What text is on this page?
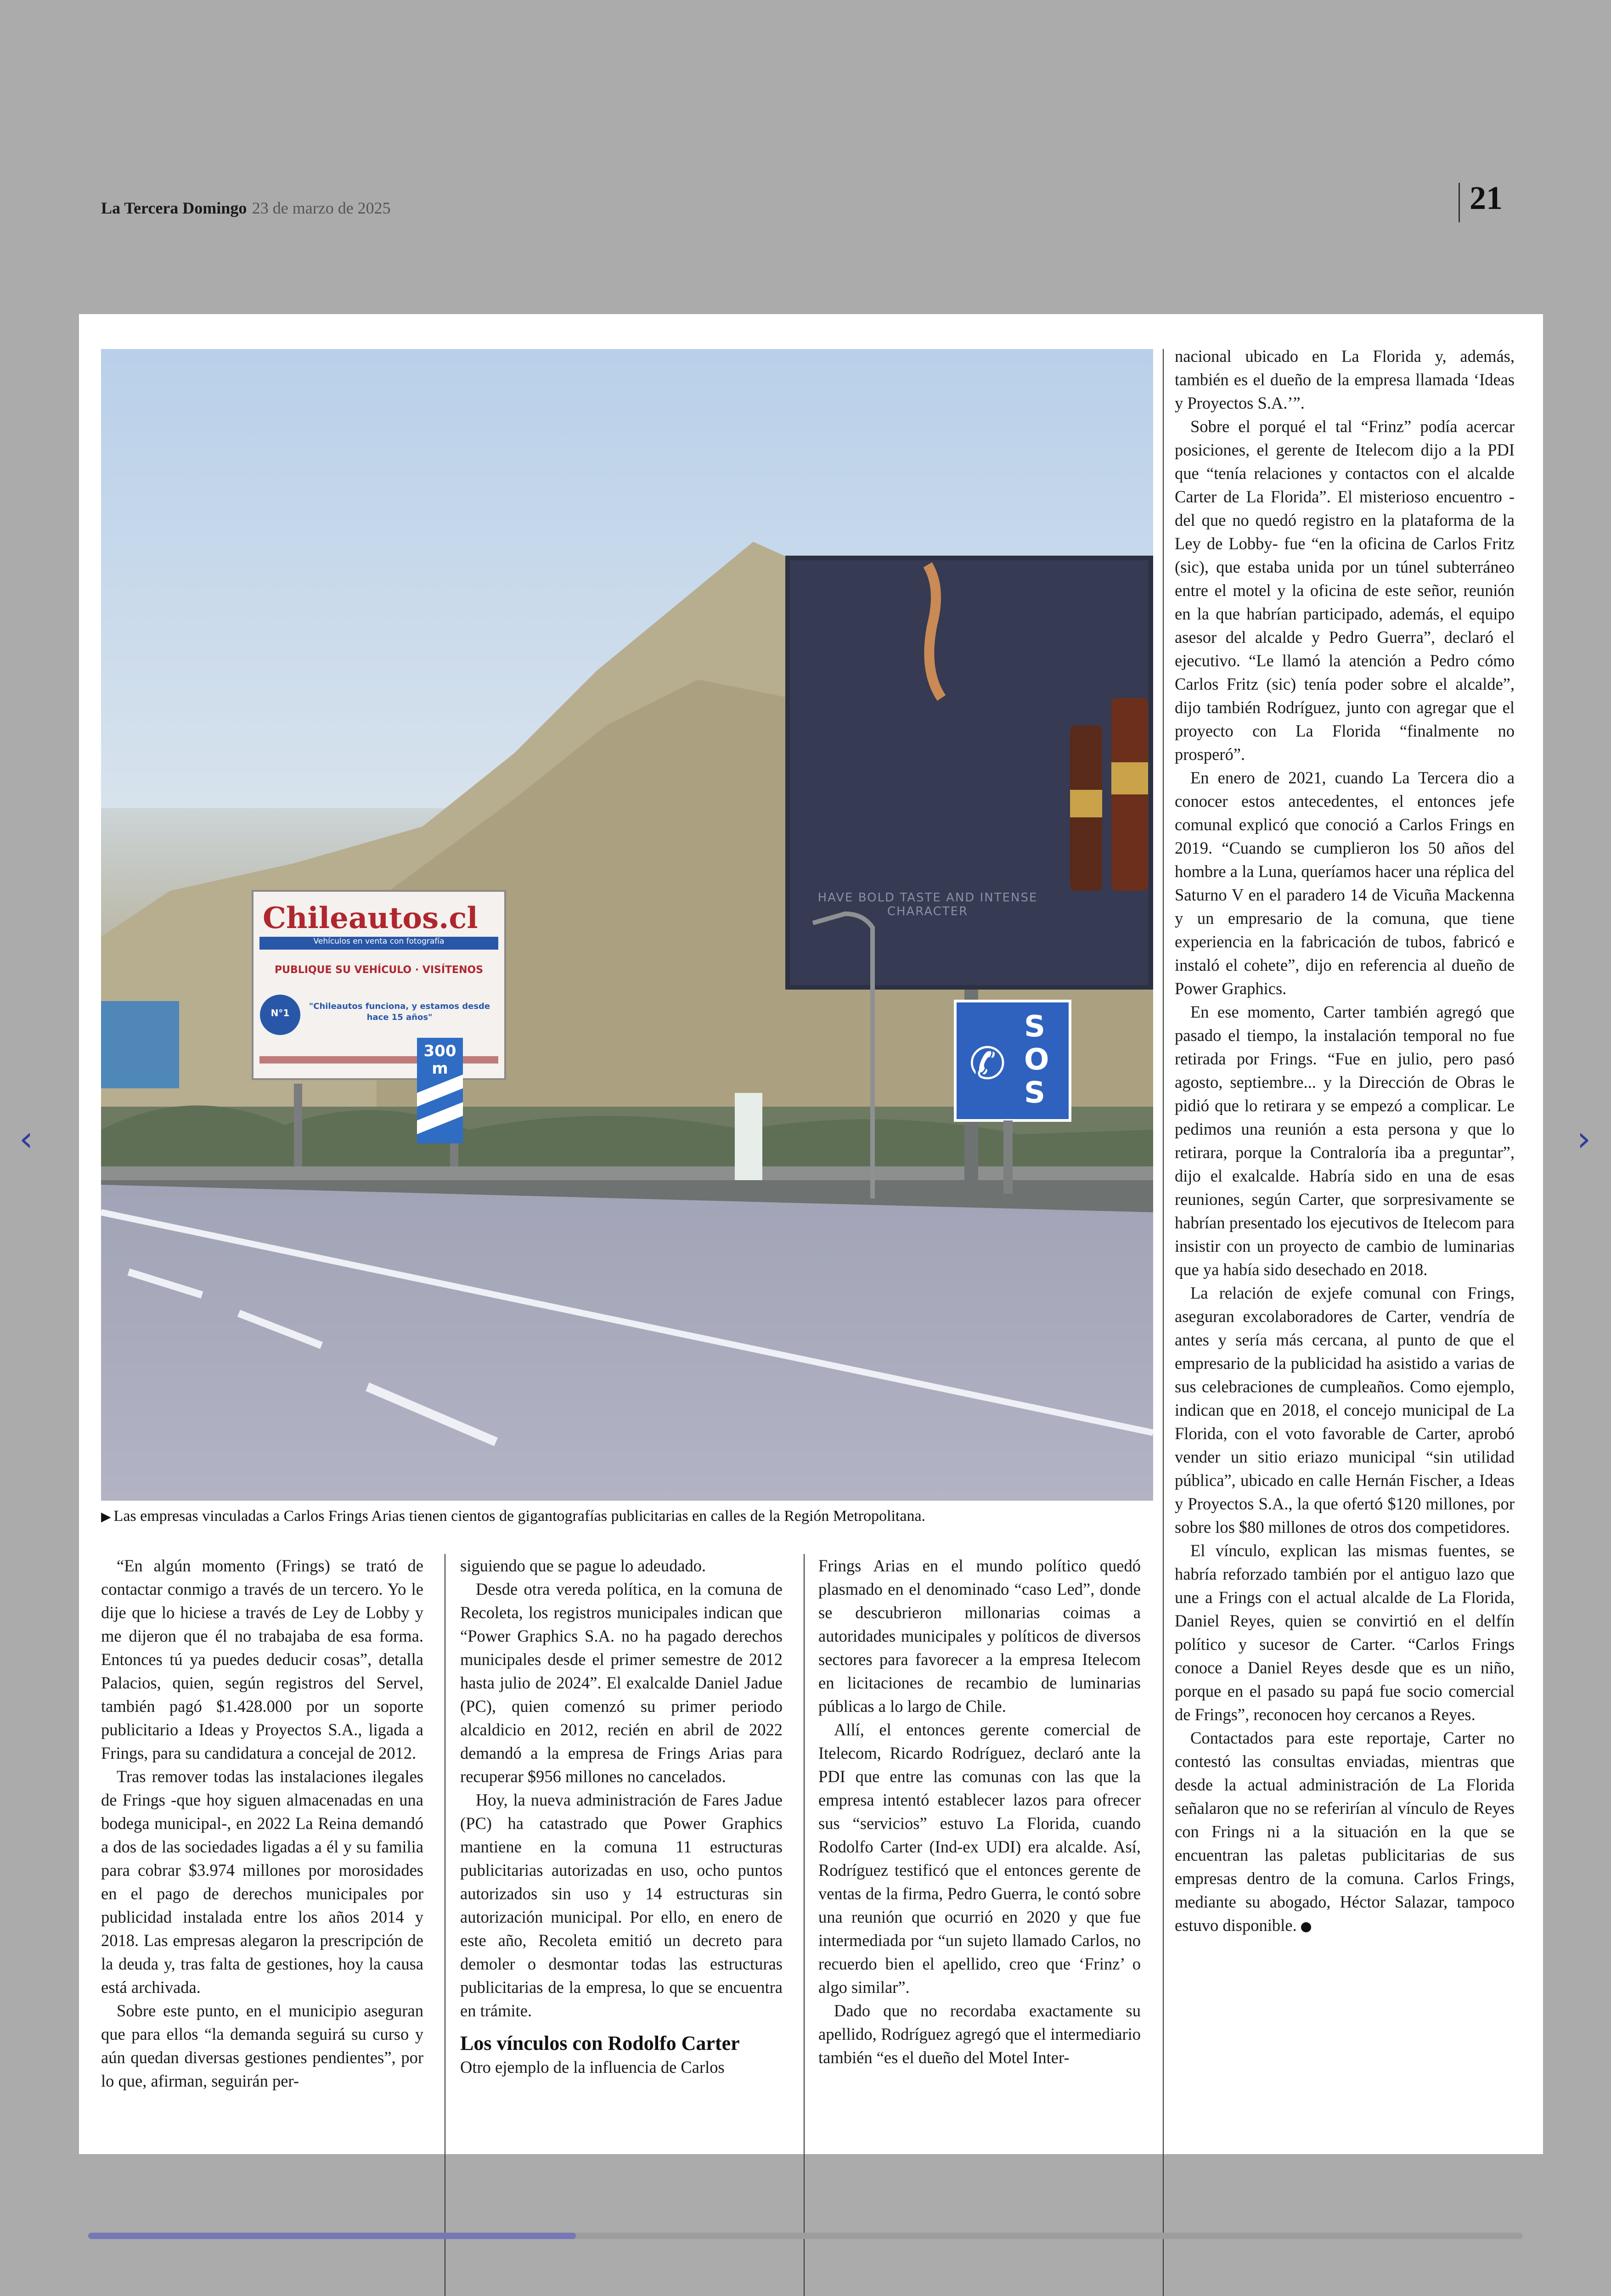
La Tercera Domingo 23 de marzo de 2025	21
Chileautos.cl
Vehículos en venta con fotografía
PUBLIQUE SU VEHÍCULO · VISÍTENOS
N°1
"Chileautos funciona, y estamos desde hace 15 años"
300 m
HAVE BOLD TASTE AND INTENSE CHARACTER
✆
SOS
▶ Las empresas vinculadas a Carlos Frings Arias tienen cientos de gigantografías publicitarias en calles de la Región Metropolitana.

“En algún momento (Frings) se trató de contactar conmigo a través de un tercero. Yo le dije que lo hiciese a través de Ley de Lobby y me dijeron que él no trabajaba de esa forma. Entonces tú ya puedes deducir cosas”, detalla Palacios, quien, según registros del Servel, también pagó $1.428.000 por un soporte publicitario a Ideas y Proyectos S.A., ligada a Frings, para su candidatura a concejal de 2012.

Tras remover todas las instalaciones ilegales de Frings -que hoy siguen almacenadas en una bodega municipal-, en 2022 La Reina demandó a dos de las sociedades ligadas a él y su familia para cobrar $3.974 millones por morosidades en el pago de derechos municipales por publicidad instalada entre los años 2014 y 2018. Las empresas alegaron la prescripción de la deuda y, tras falta de gestiones, hoy la causa está archivada.

Sobre este punto, en el municipio aseguran que para ellos “la demanda seguirá su curso y aún quedan diversas gestiones pendientes”, por lo que, afirman, seguirán per-

siguiendo que se pague lo adeudado.

Desde otra vereda política, en la comuna de Recoleta, los registros municipales indican que “Power Graphics S.A. no ha pagado derechos municipales desde el primer semestre de 2012 hasta julio de 2024”. El exalcalde Daniel Jadue (PC), quien comenzó su primer periodo alcaldicio en 2012, recién en abril de 2022 demandó a la empresa de Frings Arias para recuperar $956 millones no cancelados.

Hoy, la nueva administración de Fares Jadue (PC) ha catastrado que Power Graphics mantiene en la comuna 11 estructuras publicitarias autorizadas en uso, ocho puntos autorizados sin uso y 14 estructuras sin autorización municipal. Por ello, en enero de este año, Recoleta emitió un decreto para demoler o desmontar todas las estructuras publicitarias de la empresa, lo que se encuentra en trámite.

Los vínculos con Rodolfo Carter

Otro ejemplo de la influencia de Carlos

Frings Arias en el mundo político quedó plasmado en el denominado “caso Led”, donde se descubrieron millonarias coimas a autoridades municipales y políticos de diversos sectores para favorecer a la empresa Itelecom en licitaciones de recambio de luminarias públicas a lo largo de Chile.

Allí, el entonces gerente comercial de Itelecom, Ricardo Rodríguez, declaró ante la PDI que entre las comunas con las que la empresa intentó establecer lazos para ofrecer sus “servicios” estuvo La Florida, cuando Rodolfo Carter (Ind-ex UDI) era alcalde. Así, Rodríguez testificó que el entonces gerente de ventas de la firma, Pedro Guerra, le contó sobre una reunión que ocurrió en 2020 y que fue intermediada por “un sujeto llamado Carlos, no recuerdo bien el apellido, creo que ‘Frinz’ o algo similar”.

Dado que no recordaba exactamente su apellido, Rodríguez agregó que el intermediario también “es el dueño del Motel Inter-

nacional ubicado en La Florida y, además, también es el dueño de la empresa llamada ‘Ideas y Proyectos S.A.’”.

Sobre el porqué el tal “Frinz” podía acercar posiciones, el gerente de Itelecom dijo a la PDI que “tenía relaciones y contactos con el alcalde Carter de La Florida”. El misterioso encuentro -del que no quedó registro en la plataforma de la Ley de Lobby- fue “en la oficina de Carlos Fritz (sic), que estaba unida por un túnel subterráneo entre el motel y la oficina de este señor, reunión en la que habrían participado, además, el equipo asesor del alcalde y Pedro Guerra”, declaró el ejecutivo. “Le llamó la atención a Pedro cómo Carlos Fritz (sic) tenía poder sobre el alcalde”, dijo también Rodríguez, junto con agregar que el proyecto con La Florida “finalmente no prosperó”.

En enero de 2021, cuando La Tercera dio a conocer estos antecedentes, el entonces jefe comunal explicó que conoció a Carlos Frings en 2019. “Cuando se cumplieron los 50 años del hombre a la Luna, queríamos hacer una réplica del Saturno V en el paradero 14 de Vicuña Mackenna y un empresario de la comuna, que tiene experiencia en la fabricación de tubos, fabricó e instaló el cohete”, dijo en referencia al dueño de Power Graphics.

En ese momento, Carter también agregó que pasado el tiempo, la instalación temporal no fue retirada por Frings. “Fue en julio, pero pasó agosto, septiembre... y la Dirección de Obras le pidió que lo retirara y se empezó a complicar. Le pedimos una reunión a esta persona y que lo retirara, porque la Contraloría iba a preguntar”, dijo el exalcalde. Habría sido en una de esas reuniones, según Carter, que sorpresivamente se habrían presentado los ejecutivos de Itelecom para insistir con un proyecto de cambio de luminarias que ya había sido desechado en 2018.

La relación de exjefe comunal con Frings, aseguran excolaboradores de Carter, vendría de antes y sería más cercana, al punto de que el empresario de la publicidad ha asistido a varias de sus celebraciones de cumpleaños. Como ejemplo, indican que en 2018, el concejo municipal de La Florida, con el voto favorable de Carter, aprobó vender un sitio eriazo municipal “sin utilidad pública”, ubicado en calle Hernán Fischer, a Ideas y Proyectos S.A., la que ofertó $120 millones, por sobre los $80 millones de otros dos competidores.

El vínculo, explican las mismas fuentes, se habría reforzado también por el antiguo lazo que une a Frings con el actual alcalde de La Florida, Daniel Reyes, quien se convirtió en el delfín político y sucesor de Carter. “Carlos Frings conoce a Daniel Reyes desde que es un niño, porque en el pasado su papá fue socio comercial de Frings”, reconocen hoy cercanos a Reyes.

Contactados para este reportaje, Carter no contestó las consultas enviadas, mientras que desde la actual administración de La Florida señalaron que no se referirían al vínculo de Reyes con Frings ni a la situación en la que se encuentran las paletas publicitarias de sus empresas dentro de la comuna. Carlos Frings, mediante su abogado, Héctor Salazar, tampoco estuvo disponible.

‹	›
